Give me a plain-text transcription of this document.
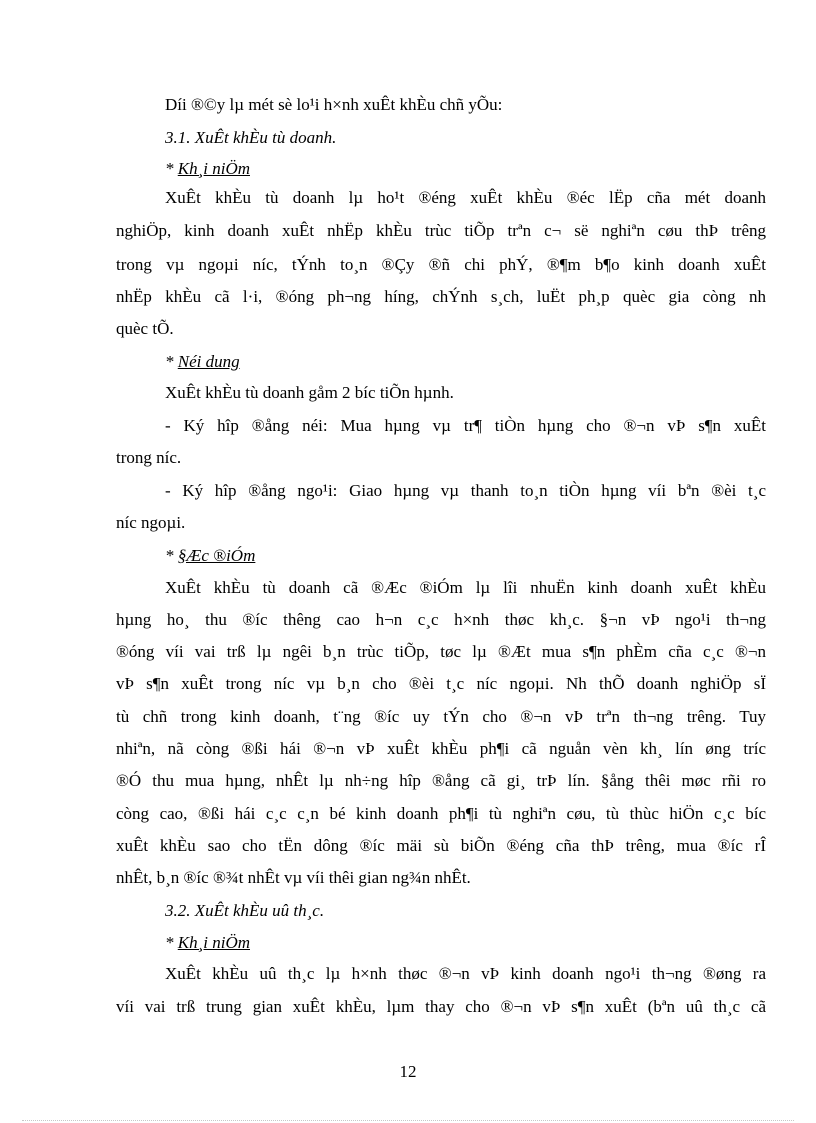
Díi ®©y lµ mét sè lo¹i h×nh xuÊt khÈu chñ yÕu:
3.1. XuÊt khÈu tù doanh.
* Kh¸i niÖm
XuÊt khÈu tù doanh lµ ho¹t ®éng xuÊt khÈu ®éc lËp cña mét doanh
nghiÖp, kinh doanh xuÊt nhËp khÈu trùc tiÕp trªn c¬ së nghiªn cøu thÞ trêng
trong vµ ngoµi níc, tÝnh to¸n ®Çy ®ñ chi phÝ, ®¶m b¶o kinh doanh xuÊt
nhËp khÈu cã l·i, ®óng ph¬ng híng, chÝnh s¸ch, luËt ph¸p quèc gia còng nh
quèc tÕ.
* Néi dung
XuÊt khÈu tù doanh gåm 2 bíc tiÕn hµnh.
- Ký hîp ®ång néi: Mua hµng vµ tr¶ tiÒn hµng cho ®¬n vÞ s¶n xuÊt
trong níc.
- Ký hîp ®ång ngo¹i: Giao hµng vµ thanh to¸n tiÒn hµng víi bªn ®èi t¸c
níc ngoµi.
* §Æc ®iÓm
XuÊt khÈu tù doanh cã ®Æc ®iÓm lµ lîi nhuËn kinh doanh xuÊt khÈu
hµng ho¸ thu ®íc thêng cao h¬n c¸c h×nh thøc kh¸c. §¬n vÞ ngo¹i th¬ng
®óng víi vai trß lµ ngêi b¸n trùc tiÕp, tøc lµ ®Æt mua s¶n phÈm cña c¸c ®¬n
vÞ s¶n xuÊt trong níc vµ b¸n cho ®èi t¸c níc ngoµi. Nh thÕ doanh nghiÖp sÏ
tù chñ trong kinh doanh, t¨ng ®íc uy tÝn cho ®¬n vÞ trªn th¬ng trêng. Tuy
nhiªn, nã còng ®ßi hái ®¬n vÞ xuÊt khÈu ph¶i cã nguån vèn kh¸ lín øng tríc
®Ó thu mua hµng, nhÊt lµ nh÷ng hîp ®ång cã gi¸ trÞ lín. §ång thêi møc rñi ro
còng cao, ®ßi hái c¸c c¸n bé kinh doanh ph¶i tù nghiªn cøu, tù thùc hiÖn c¸c bíc
xuÊt khÈu sao cho tËn dông ®íc mäi sù biÕn ®éng cña thÞ trêng, mua ®íc rÎ
nhÊt, b¸n ®íc ®¾t nhÊt vµ víi thêi gian ng¾n nhÊt.
3.2. XuÊt khÈu uû th¸c.
* Kh¸i niÖm
XuÊt khÈu uû th¸c lµ h×nh thøc ®¬n vÞ kinh doanh ngo¹i th¬ng ®øng ra
víi vai trß trung gian xuÊt khÈu, lµm thay cho ®¬n vÞ s¶n xuÊt (bªn uû th¸c cã
12
